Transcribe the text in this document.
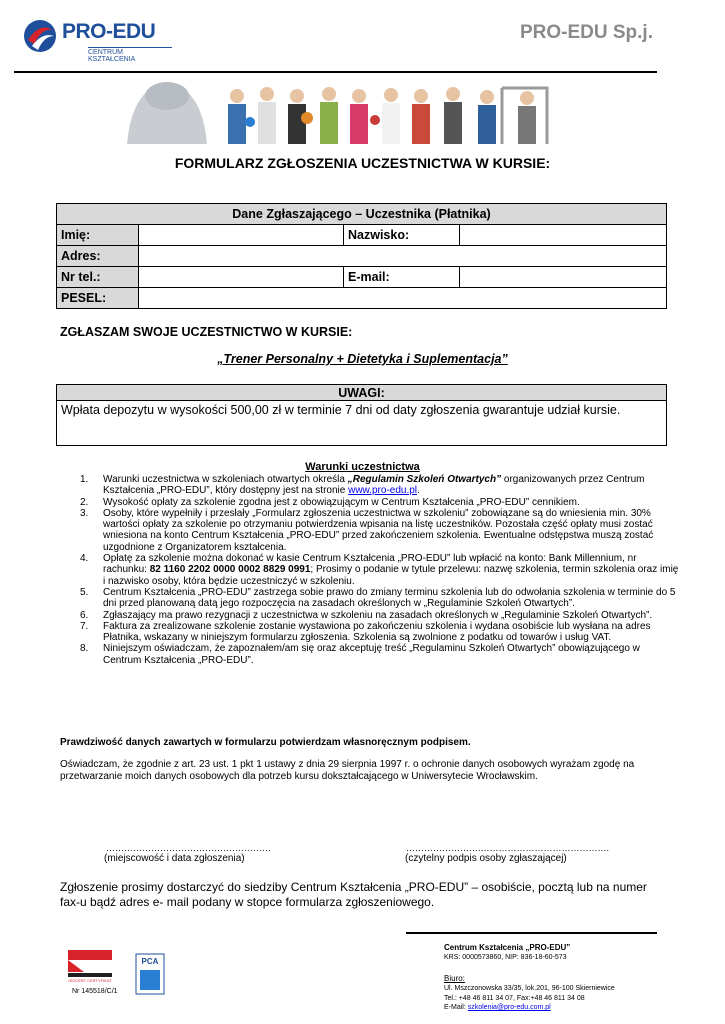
PRO-EDU
CENTRUM KSZTAŁCENIA
PRO-EDU Sp.j.
FORMULARZ ZGŁOSZENIA UCZESTNICTWA W KURSIE:
Dane Zgłaszającego – Uczestnika (Płatnika)			
Imię:		Nazwisko:	
Adres:			
Nr tel.:		E-mail:	
PESEL:			
ZGŁASZAM SWOJE UCZESTNICTWO W KURSIE:
„Trener Personalny + Dietetyka i Suplementacja”
UWAGI:
Wpłata depozytu w wysokości 500,00 zł w terminie 7 dni od daty zgłoszenia gwarantuje udział kursie.
Warunki uczestnictwa
1. Warunki uczestnictwa w szkoleniach otwartych określa „Regulamin Szkoleń Otwartych” organizowanych przez Centrum Kształcenia „PRO-EDU”, który dostępny jest na stronie www.pro-edu.pl.
2. Wysokość opłaty za szkolenie zgodna jest z obowiązującym w Centrum Kształcenia „PRO-EDU” cennikiem.
3. Osoby, które wypełniły i przesłały „Formularz zgłoszenia uczestnictwa w szkoleniu” zobowiązane są do wniesienia min. 30% wartości opłaty za szkolenie po otrzymaniu potwierdzenia wpisania na listę uczestników. Pozostała część opłaty musi zostać wniesiona na konto Centrum Kształcenia „PRO-EDU” przed zakończeniem szkolenia. Ewentualne odstępstwa muszą zostać uzgodnione z Organizatorem kształcenia.
4. Opłatę za szkolenie można dokonać w kasie Centrum Kształcenia „PRO-EDU” lub wpłacić na konto: Bank Millennium, nr rachunku: 82 1160 2202 0000 0002 8829 0991; Prosimy o podanie w tytule przelewu: nazwę szkolenia, termin szkolenia oraz imię i nazwisko osoby, która będzie uczestniczyć w szkoleniu.
5. Centrum Kształcenia „PRO-EDU” zastrzega sobie prawo do zmiany terminu szkolenia lub do odwołania szkolenia w terminie do 5 dni przed planowaną datą jego rozpoczęcia na zasadach określonych w „Regulaminie Szkoleń Otwartych”.
6. Zgłaszający ma prawo rezygnacji z uczestnictwa w szkoleniu na zasadach określonych w „Regulaminie Szkoleń Otwartych”.
7. Faktura za zrealizowane szkolenie zostanie wystawiona po zakończeniu szkolenia i wydana osobiście lub wysłana na adres Płatnika, wskazany w niniejszym formularzu zgłoszenia. Szkolenia są zwolnione z podatku od towarów i usług VAT.
8. Niniejszym oświadczam, że zapoznałem/am się oraz akceptuję treść „Regulaminu Szkoleń Otwartych” obowiązującego w Centrum Kształcenia „PRO-EDU”.
Prawdziwość danych zawartych w formularzu potwierdzam własnoręcznym podpisem.
Oświadczam, że zgodnie z art. 23 ust. 1 pkt 1 ustawy z dnia 29 sierpnia 1997 r. o ochronie danych osobowych wyrażam zgodę na przetwarzanie moich danych osobowych dla potrzeb kursu dokształcającego w Uniwersytecie Wrocławskim.
……………………………………………….	…………………….…………………………………….
(miejscowość i data zgłoszenia)	(czytelny podpis osoby zgłaszającej)
Zgłoszenie prosimy dostarczyć do siedziby Centrum Kształcenia „PRO-EDU” – osobiście, pocztą lub na numer fax-u bądź adres e- mail podany w stopce formularza zgłoszeniowego.
ISOCERT CERTYFIKAT
PCA
Nr 145518/C/1
Centrum Kształcenia „PRO-EDU”
KRS: 0000573860, NIP: 836-18-60-573
Biuro:
Ul. Mszczonowska 33/35, lok.201, 96-100 Skierniewice
Tel.: +48 46 811 34 07, Fax:+48 46 811 34 08
E-Mail: szkolenia@pro-edu.com.pl
